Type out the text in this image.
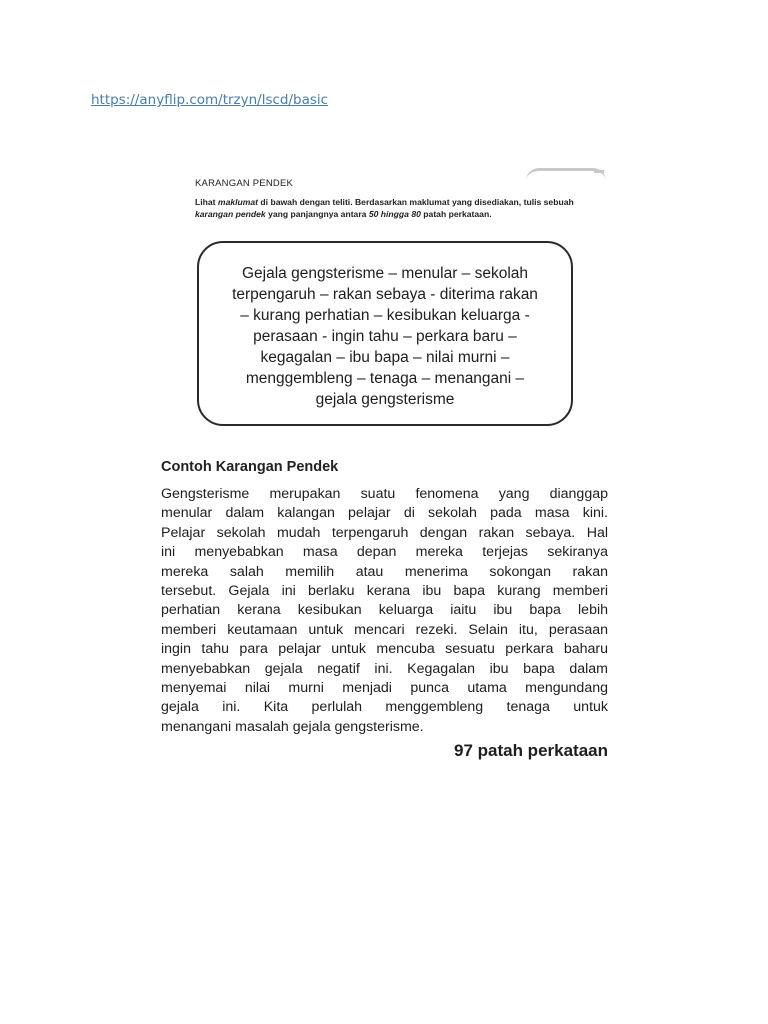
https://anyflip.com/trzyn/lscd/basic
KARANGAN PENDEK
Lihat maklumat di bawah dengan teliti. Berdasarkan maklumat yang disediakan, tulis sebuah karangan pendek yang panjangnya antara 50 hingga 80 patah perkataan.
Gejala gengsterisme – menular – sekolah
terpengaruh – rakan sebaya - diterima rakan
– kurang perhatian – kesibukan keluarga -
perasaan - ingin tahu – perkara baru –
kegagalan – ibu bapa – nilai murni –
menggembleng – tenaga – menangani –
gejala gengsterisme
Contoh Karangan Pendek
Gengsterisme merupakan suatu fenomena yang dianggap
menular dalam kalangan pelajar di sekolah pada masa kini.
Pelajar sekolah mudah terpengaruh dengan rakan sebaya. Hal
ini menyebabkan masa depan mereka terjejas sekiranya
mereka salah memilih atau menerima sokongan rakan
tersebut. Gejala ini berlaku kerana ibu bapa kurang memberi
perhatian kerana kesibukan keluarga iaitu ibu bapa lebih
memberi keutamaan untuk mencari rezeki. Selain itu, perasaan
ingin tahu para pelajar untuk mencuba sesuatu perkara baharu
menyebabkan gejala negatif ini. Kegagalan ibu bapa dalam
menyemai nilai murni menjadi punca utama mengundang
gejala ini. Kita perlulah menggembleng tenaga untuk
menangani masalah gejala gengsterisme.
97 patah perkataan
